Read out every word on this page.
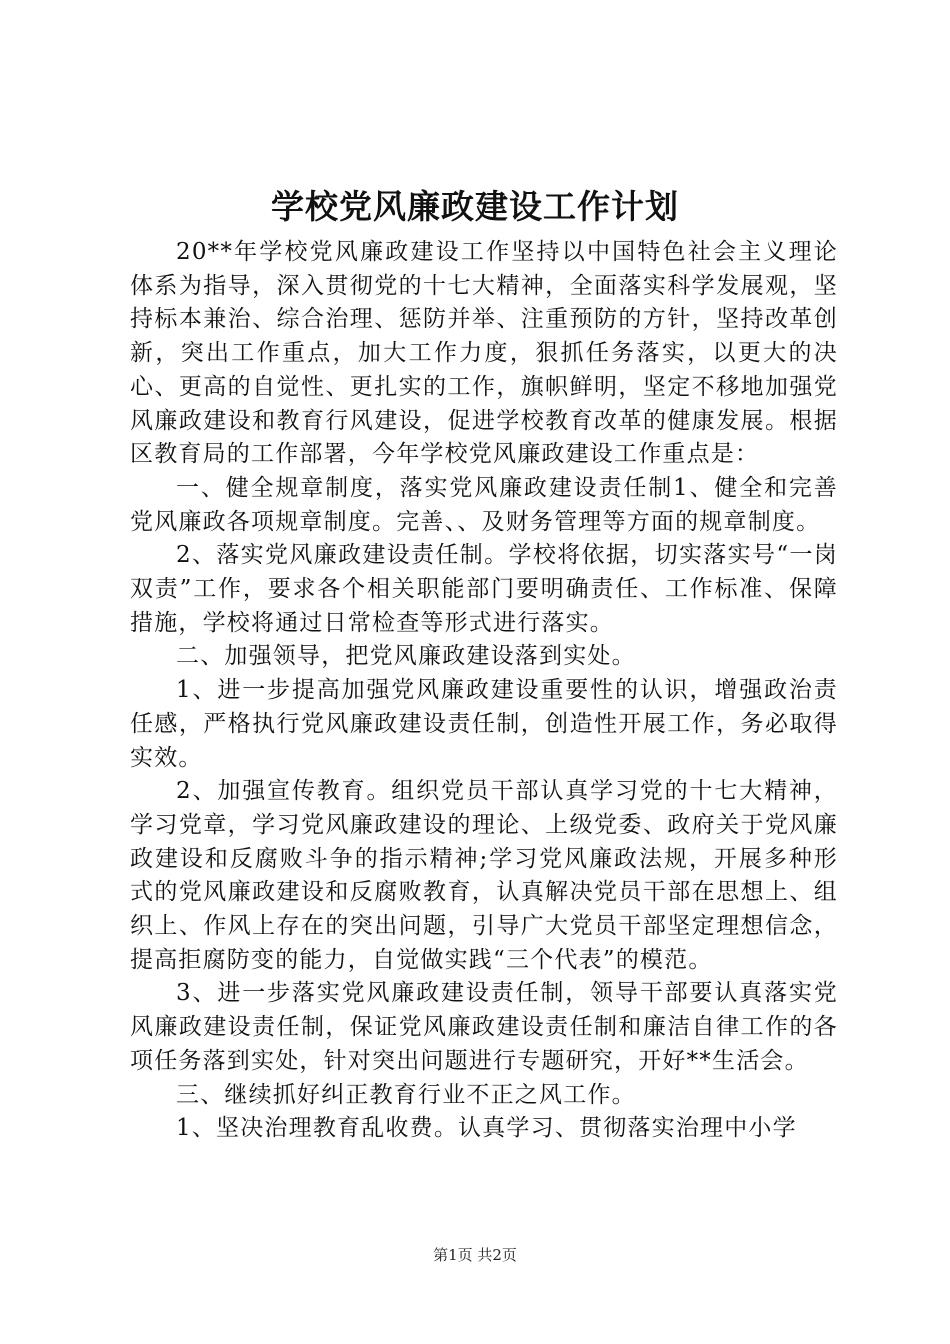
学校党风廉政建设工作计划

20**年学校党风廉政建设工作坚持以中国特色社会主义理论体系为指导，深入贯彻党的十七大精神，全面落实科学发展观，坚持标本兼治、综合治理、惩防并举、注重预防的方针，坚持改革创新，突出工作重点，加大工作力度，狠抓任务落实，以更大的决心、更高的自觉性、更扎实的工作，旗帜鲜明，坚定不移地加强党风廉政建设和教育行风建设，促进学校教育改革的健康发展。根据区教育局的工作部署，今年学校党风廉政建设工作重点是：

一、健全规章制度，落实党风廉政建设责任制1、健全和完善党风廉政各项规章制度。完善、、及财务管理等方面的规章制度。

2、落实党风廉政建设责任制。学校将依据，切实落实号“一岗双责”工作，要求各个相关职能部门要明确责任、工作标准、保障措施，学校将通过日常检查等形式进行落实。

二、加强领导，把党风廉政建设落到实处。

1、进一步提高加强党风廉政建设重要性的认识，增强政治责任感，严格执行党风廉政建设责任制，创造性开展工作，务必取得实效。

2、加强宣传教育。组织党员干部认真学习党的十七大精神，学习党章，学习党风廉政建设的理论、上级党委、政府关于党风廉政建设和反腐败斗争的指示精神;学习党风廉政法规，开展多种形式的党风廉政建设和反腐败教育，认真解决党员干部在思想上、组织上、作风上存在的突出问题，引导广大党员干部坚定理想信念，提高拒腐防变的能力，自觉做实践“三个代表”的模范。

3、进一步落实党风廉政建设责任制，领导干部要认真落实党风廉政建设责任制，保证党风廉政建设责任制和廉洁自律工作的各项任务落到实处，针对突出问题进行专题研究，开好**生活会。

三、继续抓好纠正教育行业不正之风工作。

1、坚决治理教育乱收费。认真学习、贯彻落实治理中小学

第1页 共2页
